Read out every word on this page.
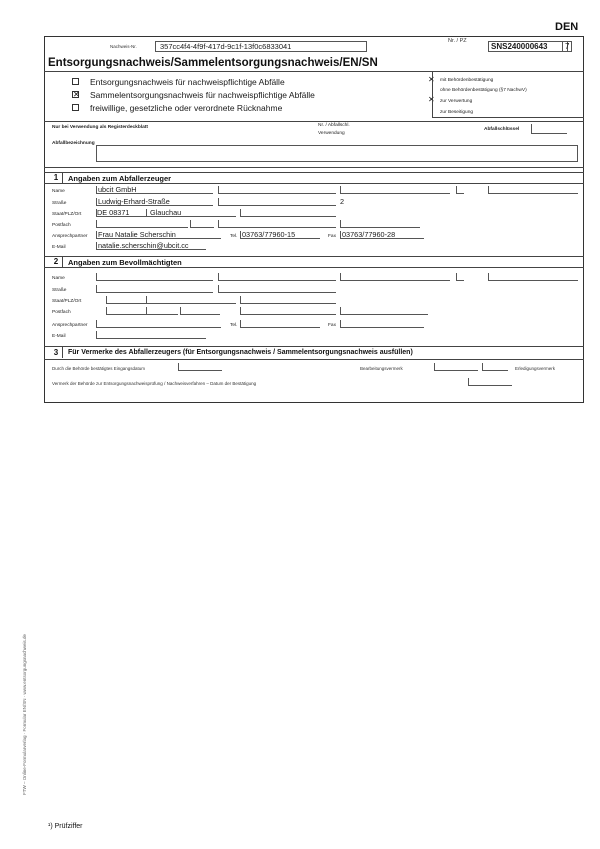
DEN
Nachweis-Nr.	357cc4f4-4f9f-417d-9c1f-13f0c6833041
Nr. / PZ
SNS240000643 7
Entsorgungsnachweis/Sammelentsorgungsnachweis/EN/SN
Entsorgungsnachweis für nachweispflichtige Abfälle
✕ Sammelentsorgungsnachweis für nachweispflichtige Abfälle
freiwillige, gesetzliche oder verordnete Rücknahme
✕ mit Behördenbestätigung
ohne Behördenbestätigung (§7 NachwV)
✕ zur Verwertung
zur Beseitigung
Nur bei Verwendung als Registerdeckblatt	Nr. / Abfallschl.
Verwendung
Abfallschlüssel
Abfallbezeichnung
1	Angaben zum Abfallerzeuger
Name	ubcit GmbH
Straße	Ludwig-Erhard-Straße	2
Staat/PLZ/Ort DE 08371	Glauchau
Postfach
Ansprechpartner Frau Natalie Scherschin	Tel. 03763/77960-15	Fax 03763/77960-28
E-Mail	natalie.scherschin@ubcit.cc
2	Angaben zum Bevollmächtigten
Name
Straße
Staat/PLZ/Ort
Postfach
Ansprechpartner	Tel.	Fax
E-Mail
3	Für Vermerke des Abfallerzeugers (für Entsorgungsnachweis / Sammelentsorgungsnachweis ausfüllen)
Durch die Behörde bestätigtes Eingangsdatum	Bearbeitungsvermerk	Erledigungsvermerk
Vermerk der Behörde zur Entsorgungsnachweisprüfung / Nachweisverfahren – Datum der Bestätigung
FTW – Online-Formularverlag · Formular EN/SN · www.entsorgungsnachweis.de
¹) Prüfziffer
